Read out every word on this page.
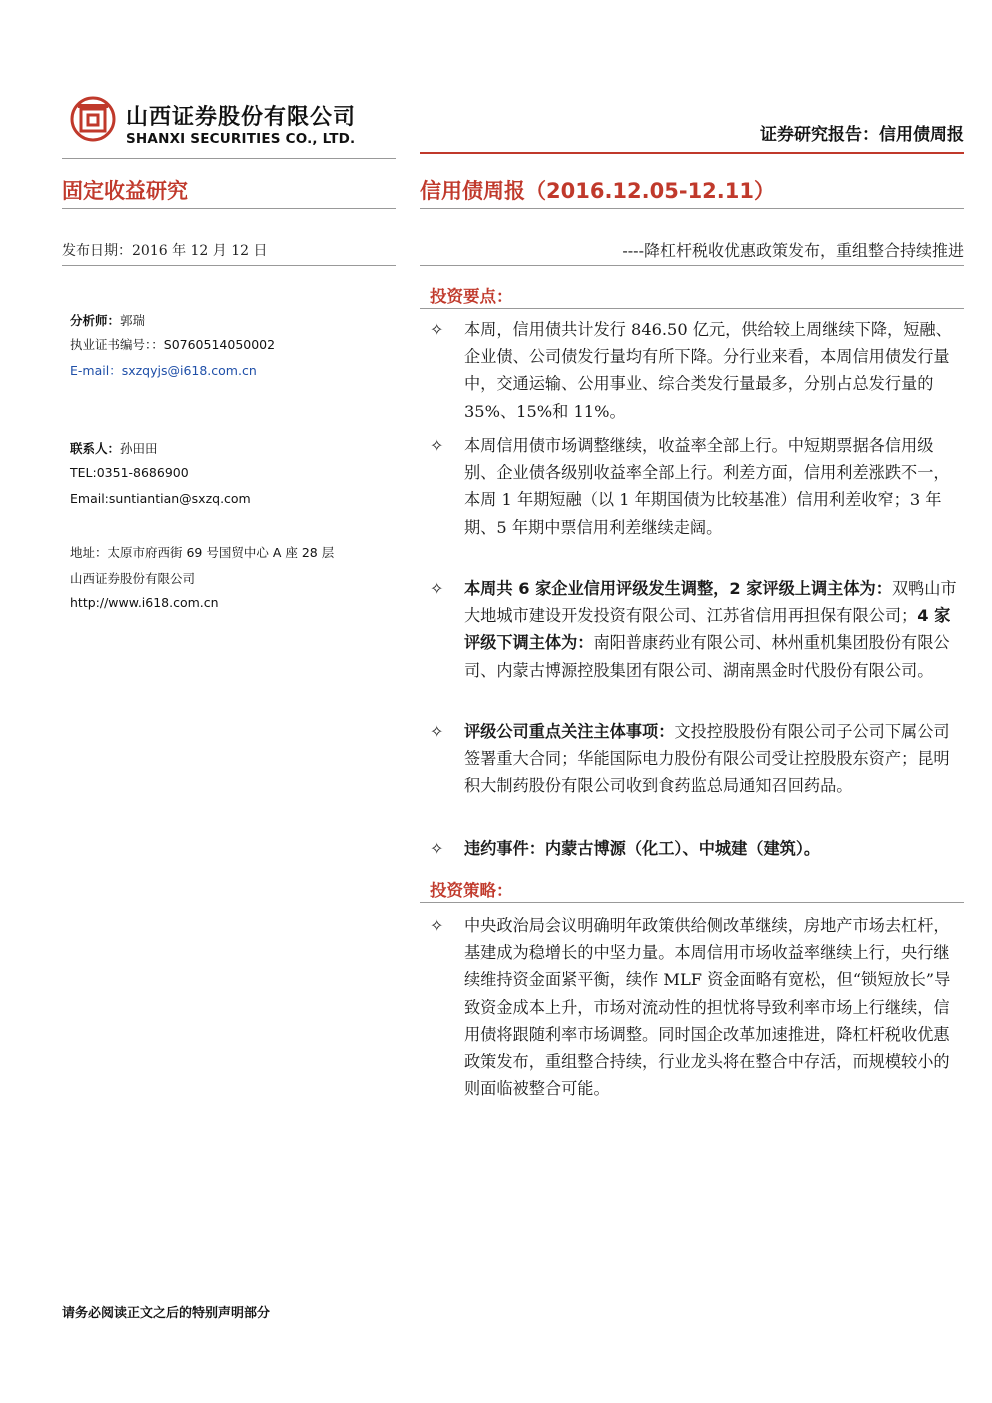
山西证券股份有限公司
SHANXI SECURITIES CO., LTD.	证券研究报告：信用债周报
固定收益研究	信用债周报（2016.12.05-12.11）
发布日期：2016 年 12 月 12 日	----降杠杆税收优惠政策发布，重组整合持续推进
分析师：郭瑞
执业证书编号：：S0760514050002
E-mail：sxzqyjs@i618.com.cn
联系人：孙田田
TEL:0351-8686900
Email:suntiantian@sxzq.com
地址：太原市府西街 69 号国贸中心 A 座 28 层
山西证券股份有限公司
http://www.i618.com.cn
投资要点：
✧ 本周，信用债共计发行 846.50 亿元，供给较上周继续下降，短融、企业债、公司债发行量均有所下降。分行业来看，本周信用债发行量中，交通运输、公用事业、综合类发行量最多，分别占总发行量的 35%、15%和 11%。
✧ 本周信用债市场调整继续，收益率全部上行。中短期票据各信用级别、企业债各级别收益率全部上行。利差方面，信用利差涨跌不一，本周 1 年期短融（以 1 年期国债为比较基准）信用利差收窄；3 年期、5 年期中票信用利差继续走阔。
✧ 本周共 6 家企业信用评级发生调整，2 家评级上调主体为：双鸭山市大地城市建设开发投资有限公司、江苏省信用再担保有限公司；4 家评级下调主体为：南阳普康药业有限公司、林州重机集团股份有限公司、内蒙古博源控股集团有限公司、湖南黑金时代股份有限公司。
✧ 评级公司重点关注主体事项：文投控股股份有限公司子公司下属公司签署重大合同；华能国际电力股份有限公司受让控股股东资产；昆明积大制药股份有限公司收到食药监总局通知召回药品。
✧ 违约事件：内蒙古博源（化工）、中城建（建筑）。
投资策略：
✧ 中央政治局会议明确明年政策供给侧改革继续，房地产市场去杠杆，基建成为稳增长的中坚力量。本周信用市场收益率继续上行，央行继续维持资金面紧平衡，续作 MLF 资金面略有宽松，但“锁短放长”导致资金成本上升，市场对流动性的担忧将导致利率市场上行继续，信用债将跟随利率市场调整。同时国企改革加速推进，降杠杆税收优惠政策发布，重组整合持续，行业龙头将在整合中存活，而规模较小的则面临被整合可能。
请务必阅读正文之后的特别声明部分
